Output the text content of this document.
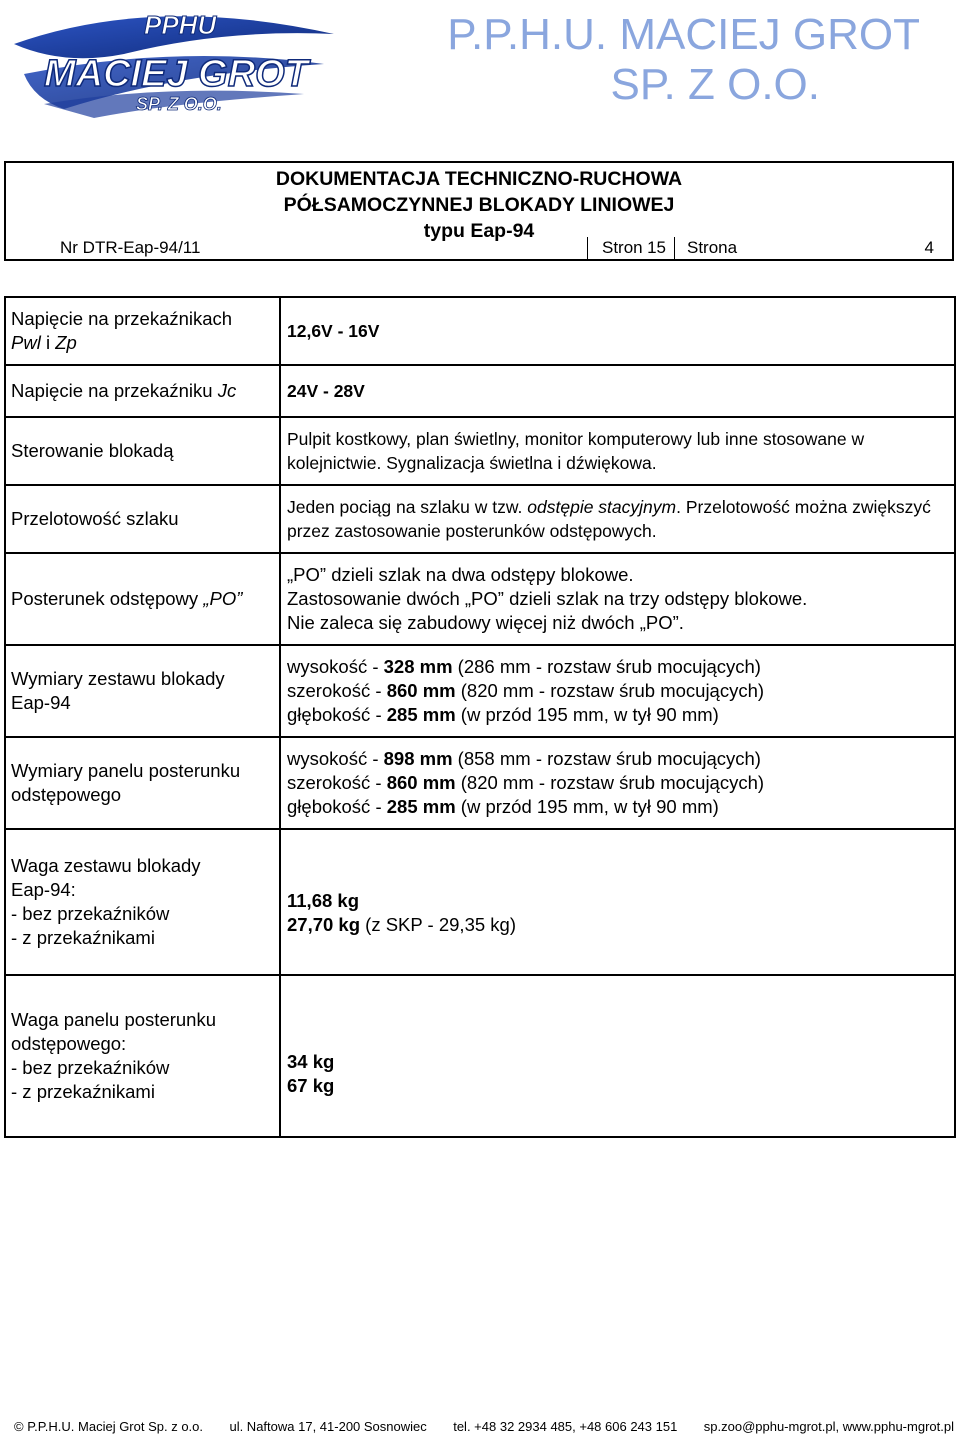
PPHU
MACIEJ GROT
SP. Z O.O.
P.P.H.U. MACIEJ GROT
SP. Z O.O.
DOKUMENTACJA TECHNICZNO-RUCHOWA
PÓŁSAMOCZYNNEJ BLOKADY LINIOWEJ
typu Eap-94
Nr DTR-Eap-94/11	Stron 15	Strona	4
Napięcie na przekaźnikach
Pwl i Zp	12,6V - 16V
Napięcie na przekaźniku Jc	24V - 28V
Sterowanie blokadą	Pulpit kostkowy, plan świetlny, monitor komputerowy lub inne stosowane w kolejnictwie. Sygnalizacja świetlna i dźwiękowa.
Przelotowość szlaku	Jeden pociąg na szlaku w tzw. odstępie stacyjnym. Przelotowość można zwiększyć przez zastosowanie posterunków odstępowych.
Posterunek odstępowy „PO”	„PO” dzieli szlak na dwa odstępy blokowe.
Zastosowanie dwóch „PO” dzieli szlak na trzy odstępy blokowe.
Nie zaleca się zabudowy więcej niż dwóch „PO”.

Wymiary zestawu blokady
Eap-94	wysokość - 328 mm (286 mm - rozstaw śrub mocujących)
szerokość - 860 mm (820 mm - rozstaw śrub mocujących)
głębokość - 285 mm (w przód 195 mm, w tył 90 mm)

Wymiary panelu posterunku
odstępowego	wysokość - 898 mm (858 mm - rozstaw śrub mocujących)
szerokość - 860 mm (820 mm - rozstaw śrub mocujących)
głębokość - 285 mm (w przód 195 mm, w tył 90 mm)

Waga zestawu blokady
Eap-94:
- bez przekaźników
- z przekaźnikami	11,68 kg
27,70 kg (z SKP - 29,35 kg)

Waga panelu posterunku
odstępowego:
- bez przekaźników
- z przekaźnikami	34 kg
67 kg
© P.P.H.U. Maciej Grot Sp. z o.o. ul. Naftowa 17, 41-200 Sosnowiec tel. +48 32 2934 485, +48 606 243 151 sp.zoo@pphu-mgrot.pl, www.pphu-mgrot.pl
